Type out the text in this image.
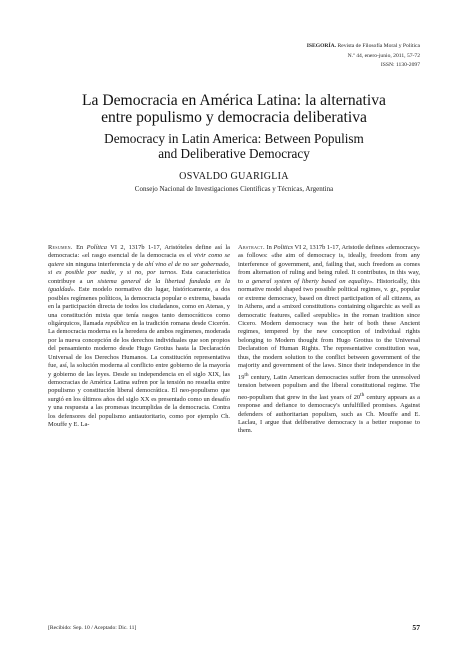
ISEGORÍA. Revista de Filosofía Moral y Política
N.º 44, enero-junio, 2011, 57-72
ISSN: 1130-2097
La Democracia en América Latina: la alternativa
entre populismo y democracia deliberativa
Democracy in Latin America: Between Populism
and Deliberative Democracy
OSVALDO GUARIGLIA
Consejo Nacional de Investigaciones Científicas y Técnicas, Argentina
Resumen. En Política VI 2, 1317b 1-17, Aristóteles define así la democracia: «el rasgo esencial de la democracia es el vivir como se quiere sin ninguna interferencia y de ahí vino el de no ser gobernado, si es posible por nadie, y si no, por turnos. Esta característica contribuye a un sistema general de la libertad fundada en la igualdad». Este modelo normativo dio lugar, históricamente, a dos posibles regímenes políticos, la democracia popular o extrema, basada en la participación directa de todos los ciudadanos, como en Atenas, y una constitución mixta que tenía rasgos tanto democráticos como oligárquicos, llamada república en la tradición romana desde Cicerón. La democracia moderna es la heredera de ambos regímenes, moderada por la nueva concepción de los derechos individuales que son propios del pensamiento moderno desde Hugo Grotius hasta la Declaración Universal de los Derechos Humanos. La constitución representativa fue, así, la solución moderna al conflicto entre gobierno de la mayoría y gobierno de las leyes. Desde su independencia en el siglo XIX, las democracias de América Latina sufren por la tensión no resuelta entre populismo y constitución liberal democrática. El neo-populismo que surgió en los últimos años del siglo XX es presentado como un desafío y una respuesta a las promesas incumplidas de la democracia. Contra los defensores del populismo antiautoritario, como por ejemplo Ch. Mouffe y E. La-
Abstract. In Politics VI 2, 1317b 1-17, Aristotle defines «democracy» as follows: «the aim of democracy is, ideally, freedom from any interference of government, and, failing that, such freedom as comes from alternation of ruling and being ruled. It contributes, in this way, to a general system of liberty based on equality». Historically, this normative model shaped two possible political regimes, v. gr., popular or extreme democracy, based on direct participation of all citizens, as in Athens, and a «mixed constitution» containing oligarchic as well as democratic features, called «republic» in the roman tradition since Cicero. Modern democracy was the heir of both these Ancient regimes, tempered by the new conception of individual rights belonging to Modern thought from Hugo Grotius to the Universal Declaration of Human Rights. The representative constitution was, thus, the modern solution to the conflict between government of the majority and government of the laws. Since their independence in the 19th century, Latin American democracies suffer from the unresolved tension between populism and the liberal constitutional regime. The neo-populism that grew in the last years of 20th century appears as a response and defiance to democracy's unfulfilled promises. Against defenders of authoritarian populism, such as Ch. Mouffe and E. Laclau, I argue that deliberative democracy is a better response to them.
[Recibido: Sep. 10 / Aceptado: Dic. 11]	57
